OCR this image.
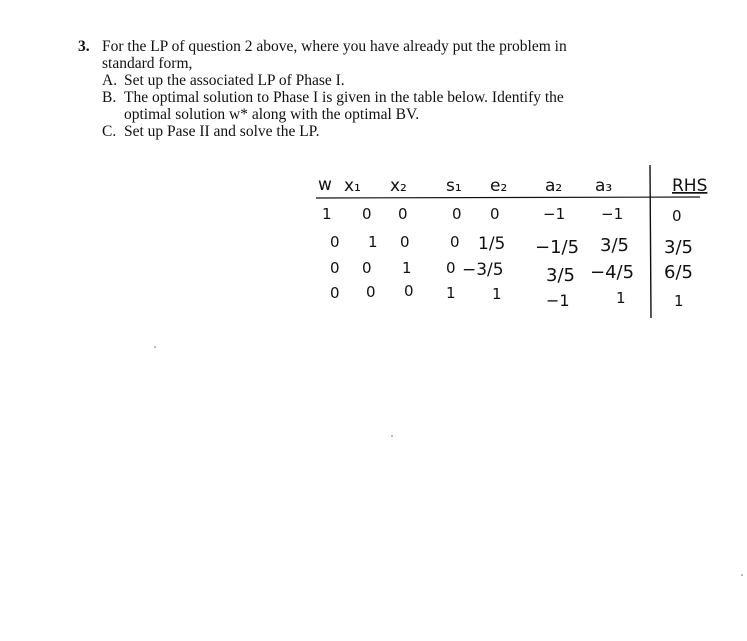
3. For the LP of question 2 above, where you have already put the problem in
standard form,
A. Set up the associated LP of Phase I.
B. The optimal solution to Phase I is given in the table below. Identify the
optimal solution w* along with the optimal BV.
C. Set up Pase II and solve the LP.
w x₁ x₂ s₁ e₂ a₂ a₃	RHS
1 0 0	0 0	−1 −1	0
0 1 0	0 1/5 −1/5 3/5 3/5
0 0 1 0 −3/5 3/5 −4/5 6/5
0 0 0 1 1	−1	1	1
